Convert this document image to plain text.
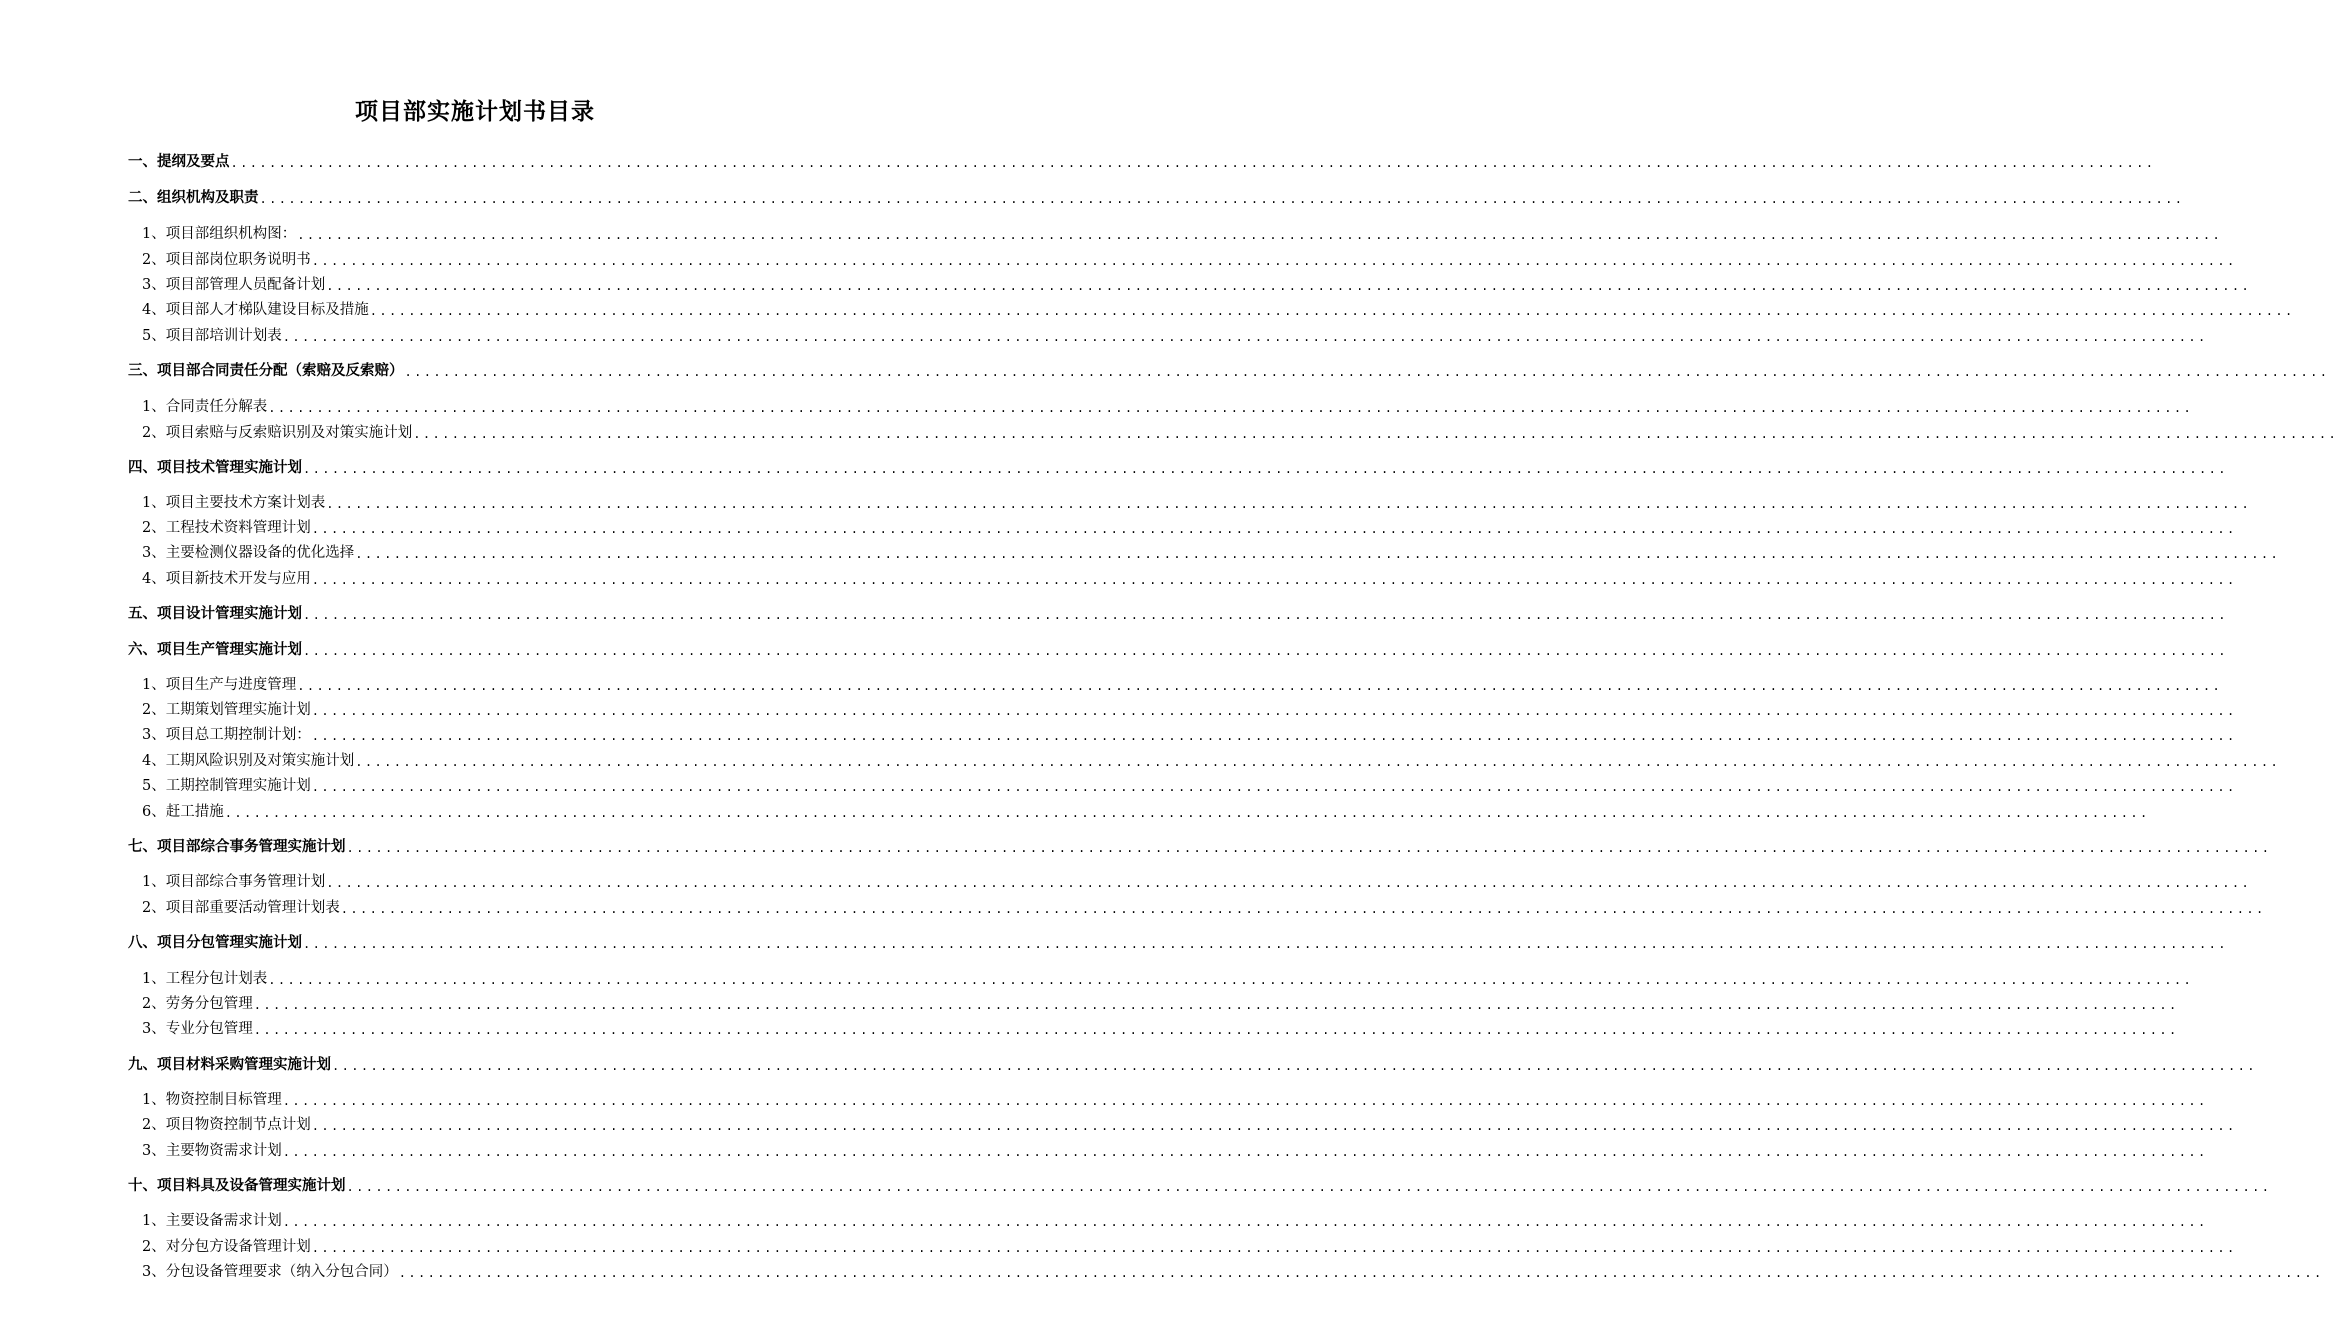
项目部实施计划书目录
一、提纲及要点 ........................................................................................................................................................................................................
二、组织机构及职责 ........................................................................................................................................................................................................
1、项目部组织机构图： ........................................................................................................................................................................................................
2、项目部岗位职务说明书 ........................................................................................................................................................................................................
3、项目部管理人员配备计划 ........................................................................................................................................................................................................
4、项目部人才梯队建设目标及措施 ........................................................................................................................................................................................................
5、项目部培训计划表 ........................................................................................................................................................................................................
三、项目部合同责任分配（索赔及反索赔） ........................................................................................................................................................................................................
1、合同责任分解表 ........................................................................................................................................................................................................
2、项目索赔与反索赔识别及对策实施计划 ........................................................................................................................................................................................................
四、项目技术管理实施计划 ........................................................................................................................................................................................................
1、项目主要技术方案计划表 ........................................................................................................................................................................................................
2、工程技术资料管理计划 ........................................................................................................................................................................................................
3、主要检测仪器设备的优化选择 ........................................................................................................................................................................................................
4、项目新技术开发与应用 ........................................................................................................................................................................................................
五、项目设计管理实施计划 ........................................................................................................................................................................................................
六、项目生产管理实施计划 ........................................................................................................................................................................................................
1、项目生产与进度管理 ........................................................................................................................................................................................................
2、工期策划管理实施计划 ........................................................................................................................................................................................................
3、项目总工期控制计划： ........................................................................................................................................................................................................
4、工期风险识别及对策实施计划 ........................................................................................................................................................................................................
5、工期控制管理实施计划 ........................................................................................................................................................................................................
6、赶工措施 ........................................................................................................................................................................................................
七、项目部综合事务管理实施计划 ........................................................................................................................................................................................................
1、项目部综合事务管理计划 ........................................................................................................................................................................................................
2、项目部重要活动管理计划表 ........................................................................................................................................................................................................
八、项目分包管理实施计划 ........................................................................................................................................................................................................
1、工程分包计划表 ........................................................................................................................................................................................................
2、劳务分包管理 ........................................................................................................................................................................................................
3、专业分包管理 ........................................................................................................................................................................................................
九、项目材料采购管理实施计划 ........................................................................................................................................................................................................
1、物资控制目标管理 ........................................................................................................................................................................................................
2、项目物资控制节点计划 ........................................................................................................................................................................................................
3、主要物资需求计划 ........................................................................................................................................................................................................
十、项目料具及设备管理实施计划 ........................................................................................................................................................................................................
1、主要设备需求计划 ........................................................................................................................................................................................................
2、对分包方设备管理计划 ........................................................................................................................................................................................................
3、分包设备管理要求（纳入分包合同） ........................................................................................................................................................................................................
